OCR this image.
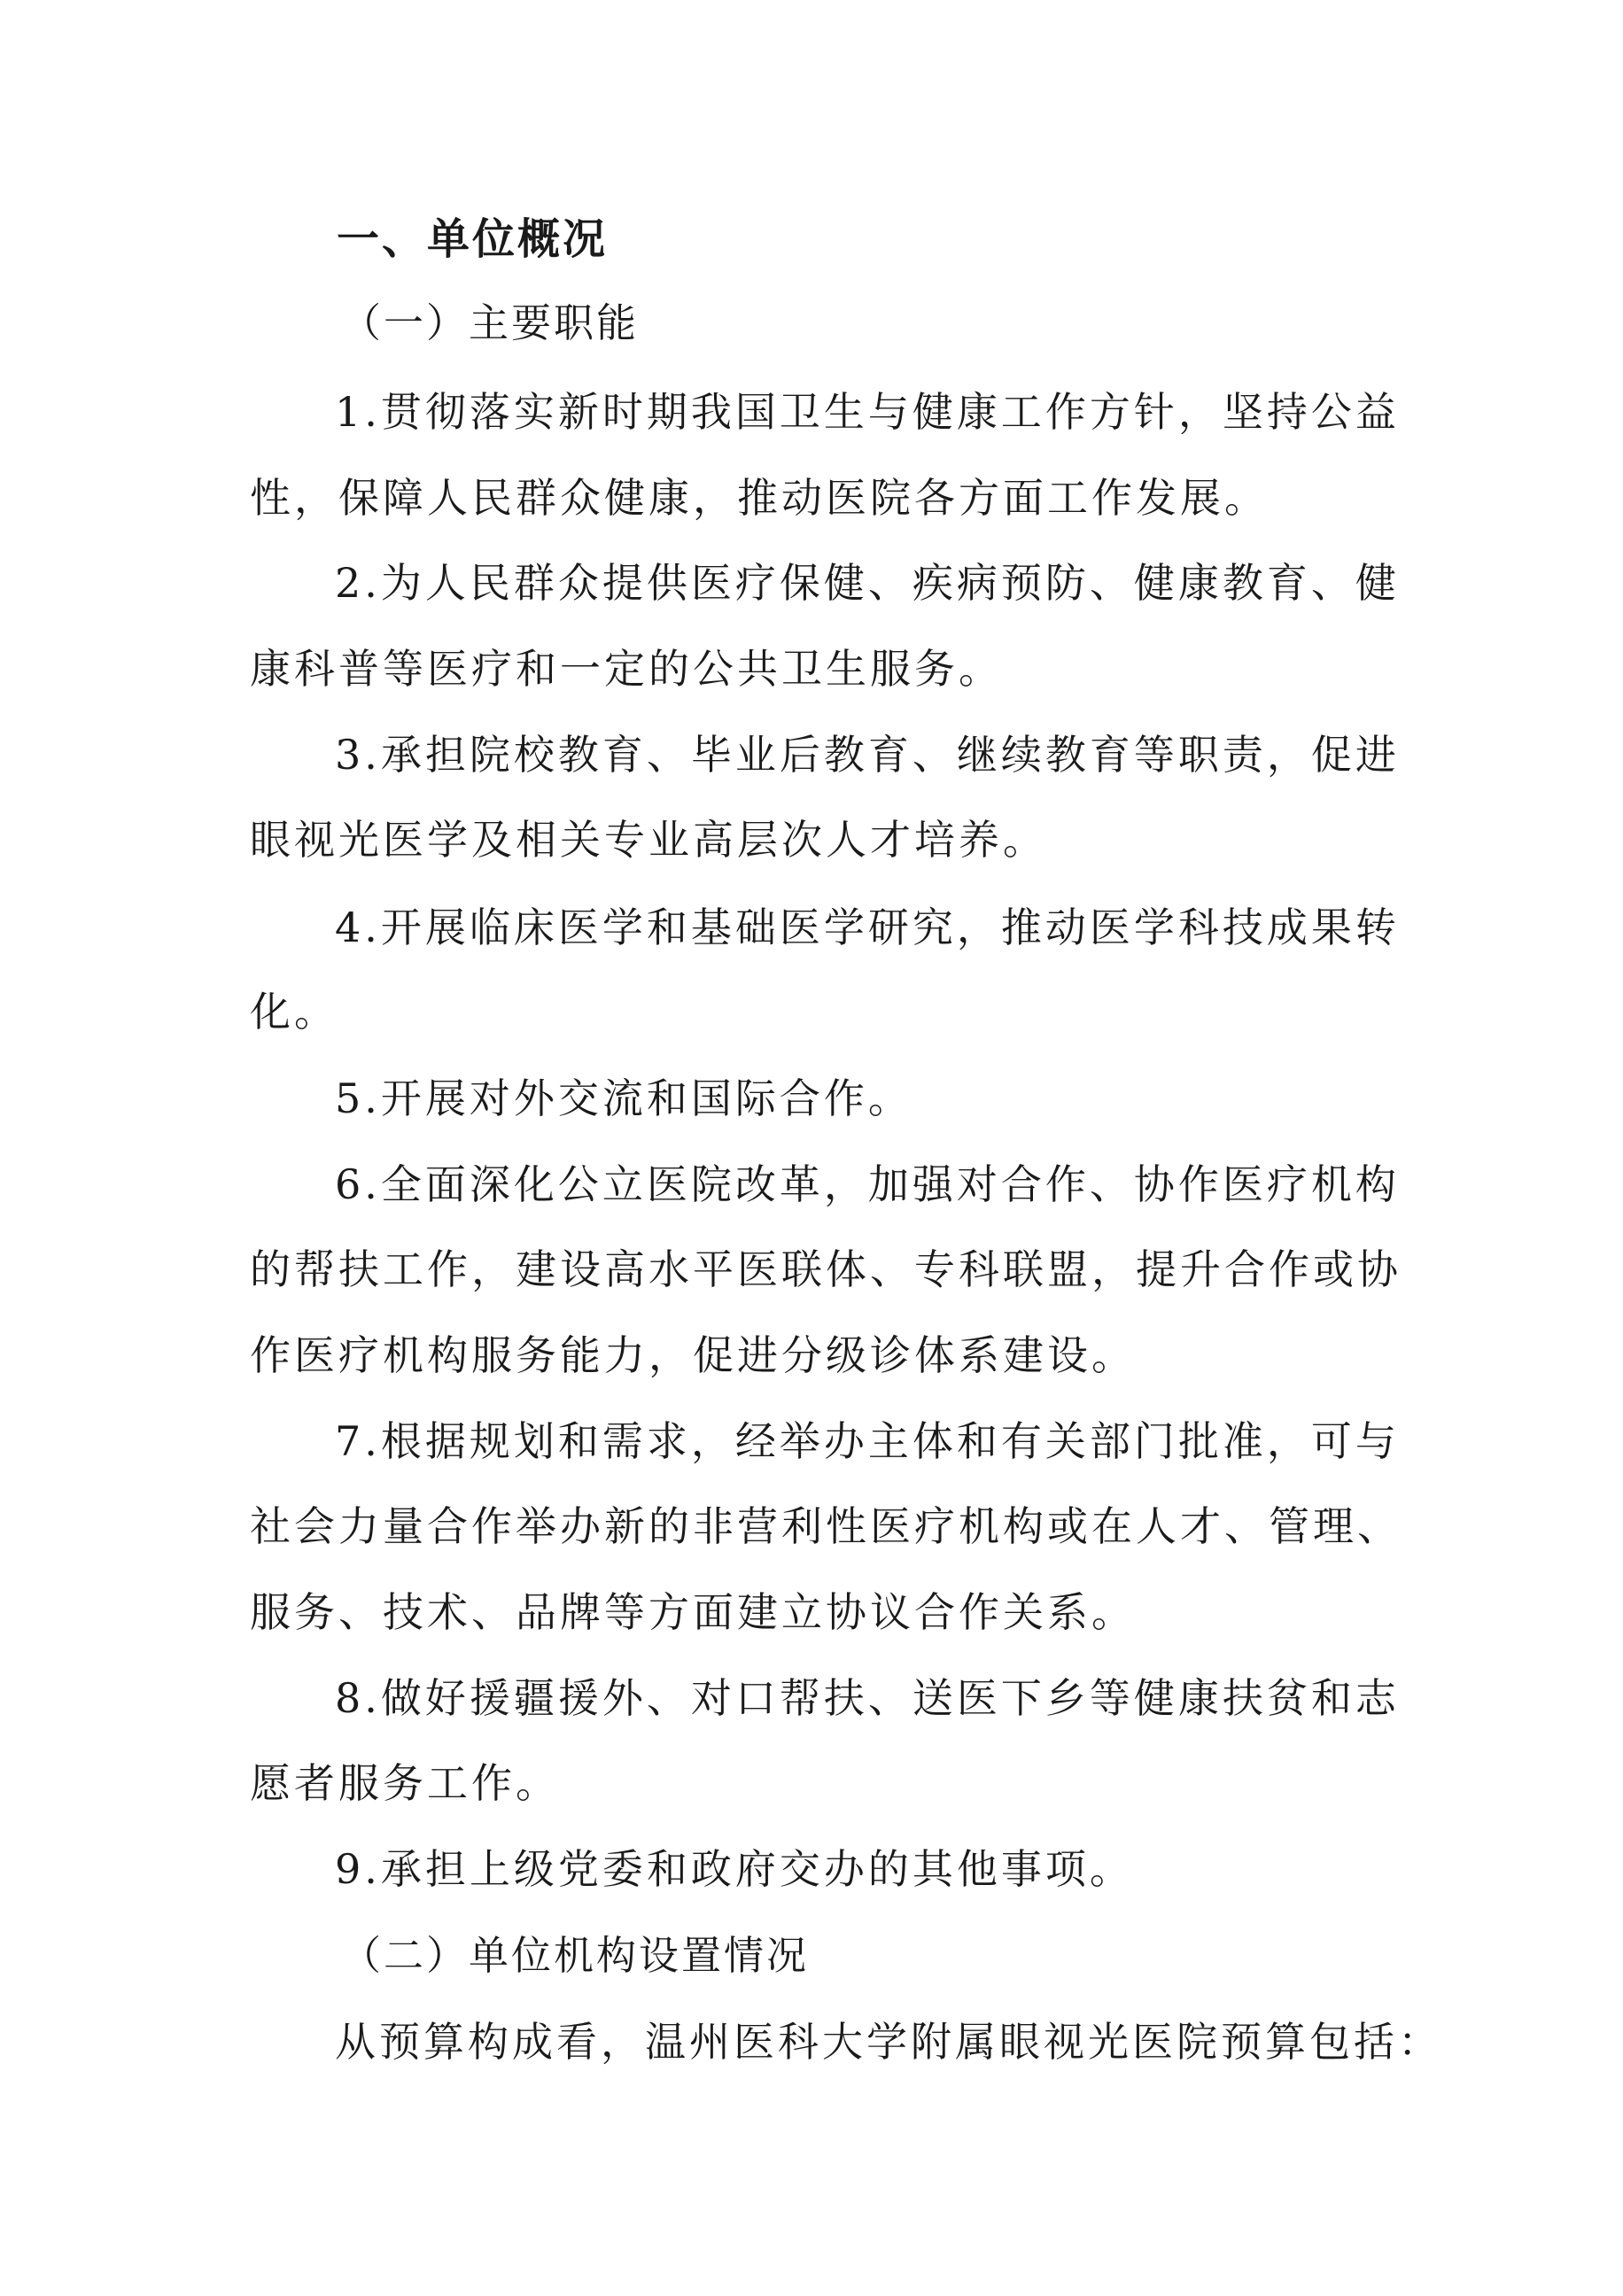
一、单位概况
（一）主要职能
1.贯彻落实新时期我国卫生与健康工作方针，坚持公益
性，保障人民群众健康，推动医院各方面工作发展。
2.为人民群众提供医疗保健、疾病预防、健康教育、健
康科普等医疗和一定的公共卫生服务。
3.承担院校教育、毕业后教育、继续教育等职责，促进
眼视光医学及相关专业高层次人才培养。
4.开展临床医学和基础医学研究，推动医学科技成果转
化。
5.开展对外交流和国际合作。
6.全面深化公立医院改革，加强对合作、协作医疗机构
的帮扶工作，建设高水平医联体、专科联盟，提升合作或协
作医疗机构服务能力，促进分级诊体系建设。
7.根据规划和需求，经举办主体和有关部门批准，可与
社会力量合作举办新的非营利性医疗机构或在人才、管理、
服务、技术、品牌等方面建立协议合作关系。
8.做好援疆援外、对口帮扶、送医下乡等健康扶贫和志
愿者服务工作。
9.承担上级党委和政府交办的其他事项。
（二）单位机构设置情况
从预算构成看，温州医科大学附属眼视光医院预算包括：
